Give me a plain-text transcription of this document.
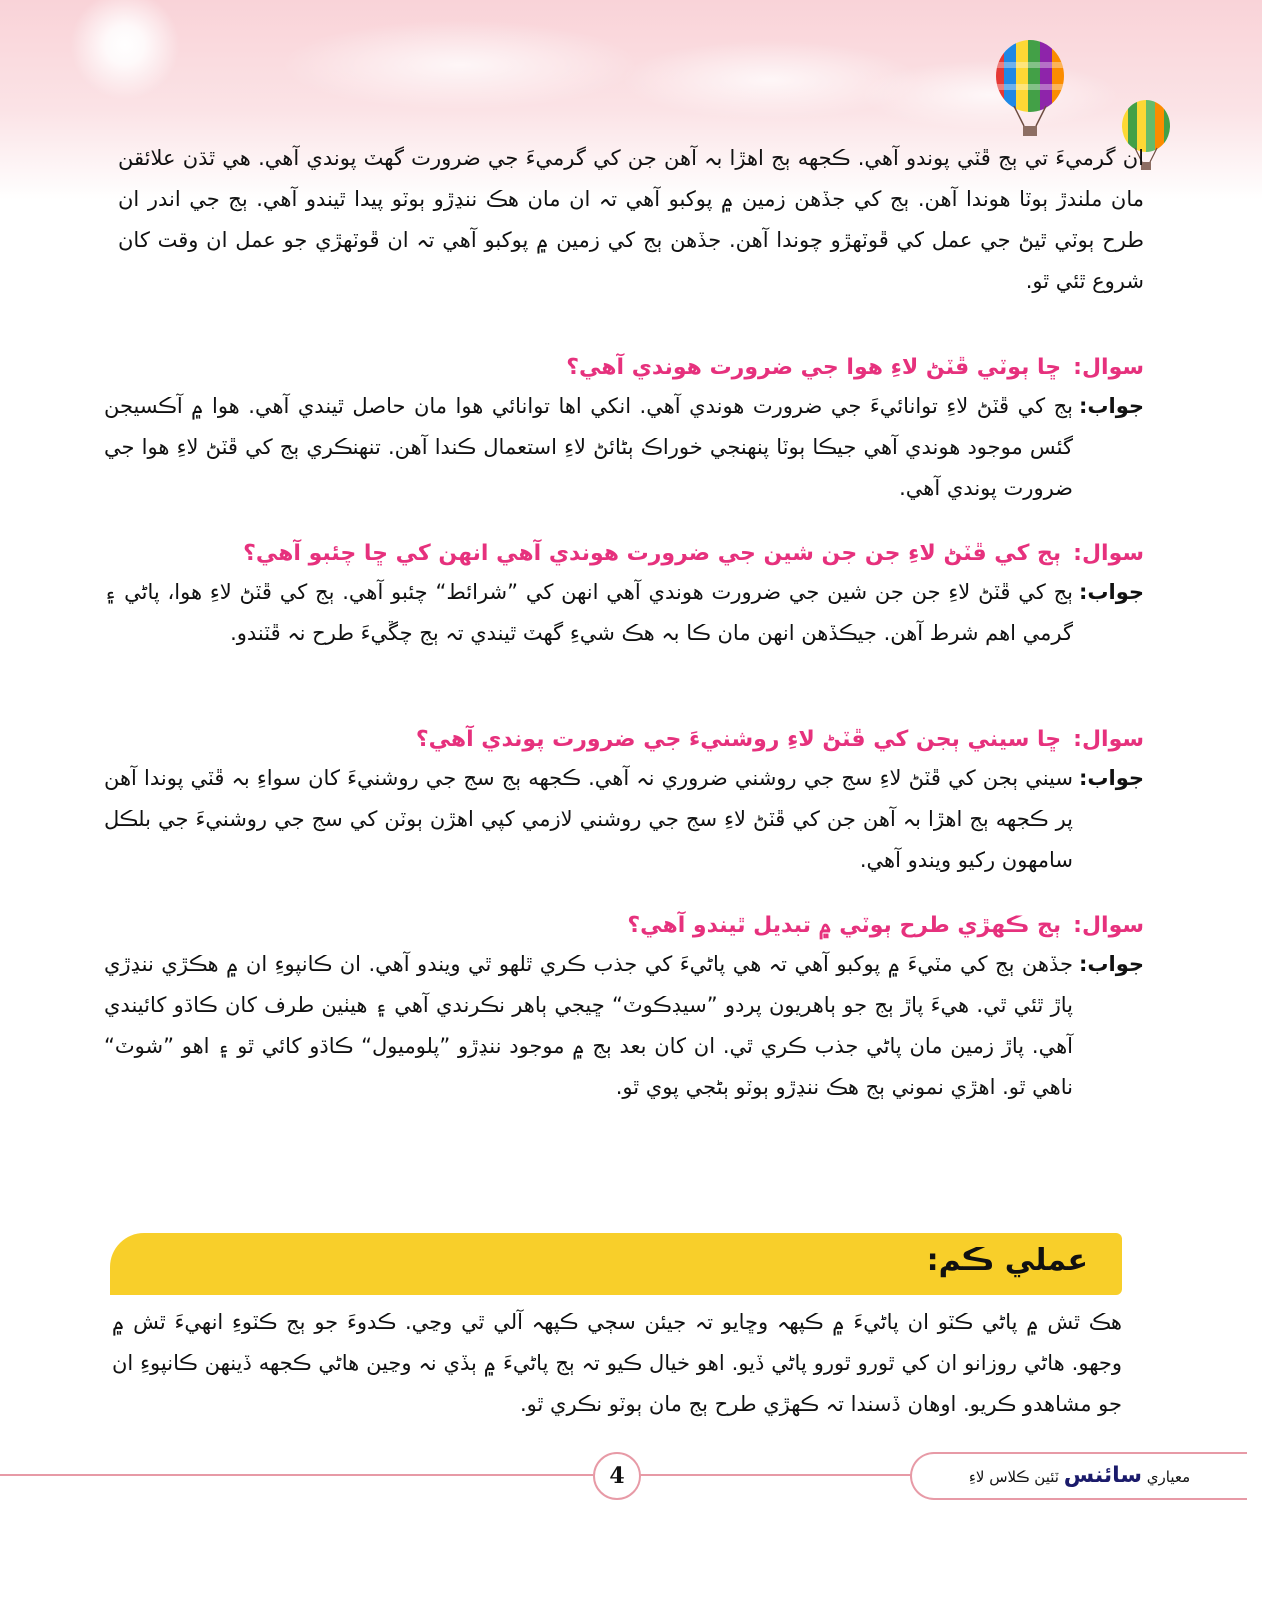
ان گرميءَ تي ٻج ڦٽي پوندو آهي. ڪجهه ٻج اهڙا بہ آهن جن کي گرميءَ جي ضرورت گهٽ پوندي آهي. هي ٿڌن علائقن مان ملندڙ ٻوٽا هوندا آهن. ٻج کي جڏهن زمين ۾ پوکبو آهي تہ ان مان هڪ ننڍڙو ٻوٽو پيدا ٿيندو آهي. ٻج جي اندر ان طرح ٻوٽي ٿيڻ جي عمل کي ڦوٽهڙو چوندا آهن. جڏهن ٻج کي زمين ۾ پوکبو آهي تہ ان ڦوٽهڙي جو عمل ان وقت کان شروع ٿئي ٿو.
سوال:ڇا ٻوٽي ڦٽڻ لاءِ هوا جي ضرورت هوندي آهي؟
جواب:
ٻج کي ڦٽڻ لاءِ توانائيءَ جي ضرورت هوندي آهي. انکي اها توانائي هوا مان حاصل ٿيندي آهي. هوا ۾ آڪسيجن گئس موجود هوندي آهي جيڪا ٻوٽا پنهنجي خوراڪ ٻڻائڻ لاءِ استعمال ڪندا آهن. تنهنڪري ٻج کي ڦٽڻ لاءِ هوا جي ضرورت پوندي آهي.
سوال:ٻج کي ڦٽڻ لاءِ جن جن شين جي ضرورت هوندي آهي انهن کي ڇا چئبو آهي؟
جواب:
ٻج کي ڦٽڻ لاءِ جن جن شين جي ضرورت هوندي آهي انهن کي ”شرائط“ چئبو آهي. ٻج کي ڦٽڻ لاءِ هوا، پاڻي ۽ گرمي اهم شرط آهن. جيڪڏهن انهن مان ڪا بہ هڪ شيءِ گهٽ ٿيندي تہ ٻج چڱيءَ طرح نہ ڦٽندو.
سوال:ڇا سيني ٻجن کي ڦٽڻ لاءِ روشنيءَ جي ضرورت پوندي آهي؟
جواب:
سيني ٻجن کي ڦٽڻ لاءِ سج جي روشني ضروري نہ آهي. ڪجهه ٻج سج جي روشنيءَ کان سواءِ بہ ڦٽي پوندا آهن پر ڪجهه ٻج اهڙا بہ آهن جن کي ڦٽڻ لاءِ سج جي روشني لازمي کپي اهڙن ٻوٽن کي سج جي روشنيءَ جي بلڪل سامهون رکيو ويندو آهي.
سوال:ٻج ڪهڙي طرح ٻوٽي ۾ تبديل ٿيندو آهي؟
جواب:
جڏهن ٻج کي مٽيءَ ۾ پوکبو آهي تہ هي پاڻيءَ کي جذب ڪري ٿلهو ٿي ويندو آهي. ان ڪانپوءِ ان ۾ هڪڙي ننڍڙي پاڙ ٿئي ٿي. هيءَ پاڙ ٻج جو ٻاهريون پردو ”سيڊڪوٽ“ ڇيجي ٻاهر نڪرندي آهي ۽ هيٺين طرف کان ڪاڌو کائيندي آهي. پاڙ زمين مان پاڻي جذب ڪري ٿي. ان کان بعد ٻج ۾ موجود ننڍڙو ”پلوميول“ ڪاڌو کائي ٿو ۽ اهو ”شوٽ“ ناهي ٿو. اهڙي نموني ٻج هڪ ننڍڙو ٻوٽو ٻڻجي پوي ٿو.
عملي ڪم:
هڪ ٿش ۾ پاڻي ڪٽو ان پاڻيءَ ۾ ڪپهہ وڇايو تہ جيئن سڄي ڪپهہ آلي ٿي وڃي. ڪدوءَ جو ٻج ڪٽوءِ انهيءَ ٿش ۾ وجهو. هاڻي روزانو ان کي ٿورو ٿورو پاڻي ڏيو. اهو خيال ڪيو تہ ٻج پاڻيءَ ۾ ٻڏي نہ وڃين هاڻي ڪجهه ڏينهن ڪانپوءِ ان جو مشاهدو ڪريو. اوهان ڏسندا تہ ڪهڙي طرح ٻج مان ٻوٽو نڪري ٿو.
4	معياري سائنس ٽئين ڪلاس لاءِ
